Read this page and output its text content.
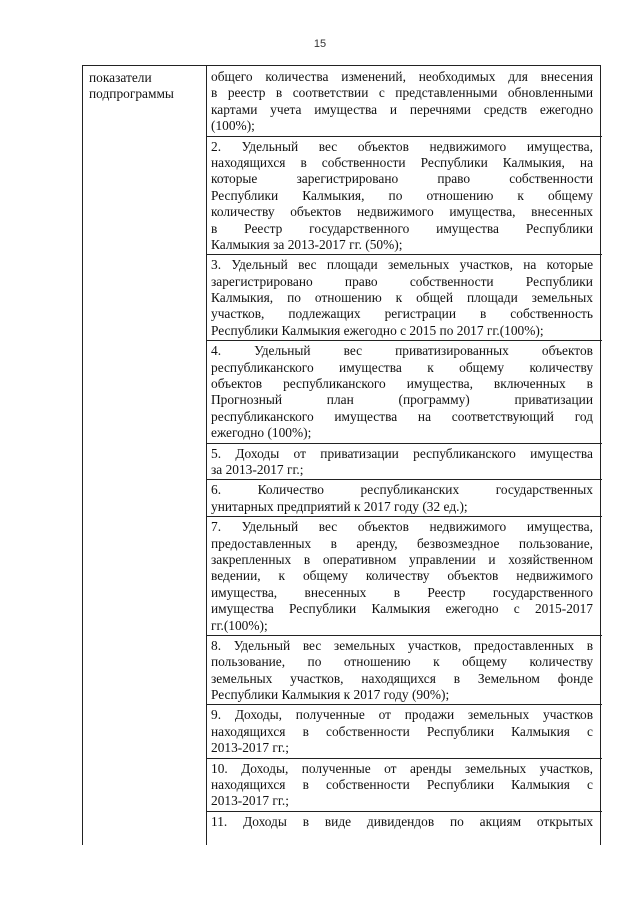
15
показатели
подпрограммы
общего количества изменений, необходимых для внесения
в реестр в соответствии с представленными обновленными
картами учета имущества и перечнями средств ежегодно
(100%);
2. Удельный вес объектов недвижимого имущества,
находящихся в собственности Республики Калмыкия, на
которые зарегистрировано право собственности
Республики Калмыкия, по отношению к общему
количеству объектов недвижимого имущества, внесенных
в Реестр государственного имущества Республики
Калмыкия за 2013-2017 гг. (50%);
3. Удельный вес площади земельных участков, на которые
зарегистрировано право собственности Республики
Калмыкия, по отношению к общей площади земельных
участков, подлежащих регистрации в собственность
Республики Калмыкия ежегодно с 2015 по 2017 гг.(100%);
4. Удельный вес приватизированных объектов
республиканского имущества к общему количеству
объектов республиканского имущества, включенных в
Прогнозный план (программу) приватизации
республиканского имущества на соответствующий год
ежегодно (100%);
5. Доходы от приватизации республиканского имущества
за 2013-2017 гг.;
6. Количество республиканских государственных
унитарных предприятий к 2017 году (32 ед.);
7. Удельный вес объектов недвижимого имущества,
предоставленных в аренду, безвозмездное пользование,
закрепленных в оперативном управлении и хозяйственном
ведении, к общему количеству объектов недвижимого
имущества, внесенных в Реестр государственного
имущества Республики Калмыкия ежегодно с 2015-2017
гг.(100%);
8. Удельный вес земельных участков, предоставленных в
пользование, по отношению к общему количеству
земельных участков, находящихся в Земельном фонде
Республики Калмыкия к 2017 году (90%);
9. Доходы, полученные от продажи земельных участков
находящихся в собственности Республики Калмыкия с
2013-2017 гг.;
10. Доходы, полученные от аренды земельных участков,
находящихся в собственности Республики Калмыкия с
2013-2017 гг.;
11. Доходы в виде дивидендов по акциям открытых
